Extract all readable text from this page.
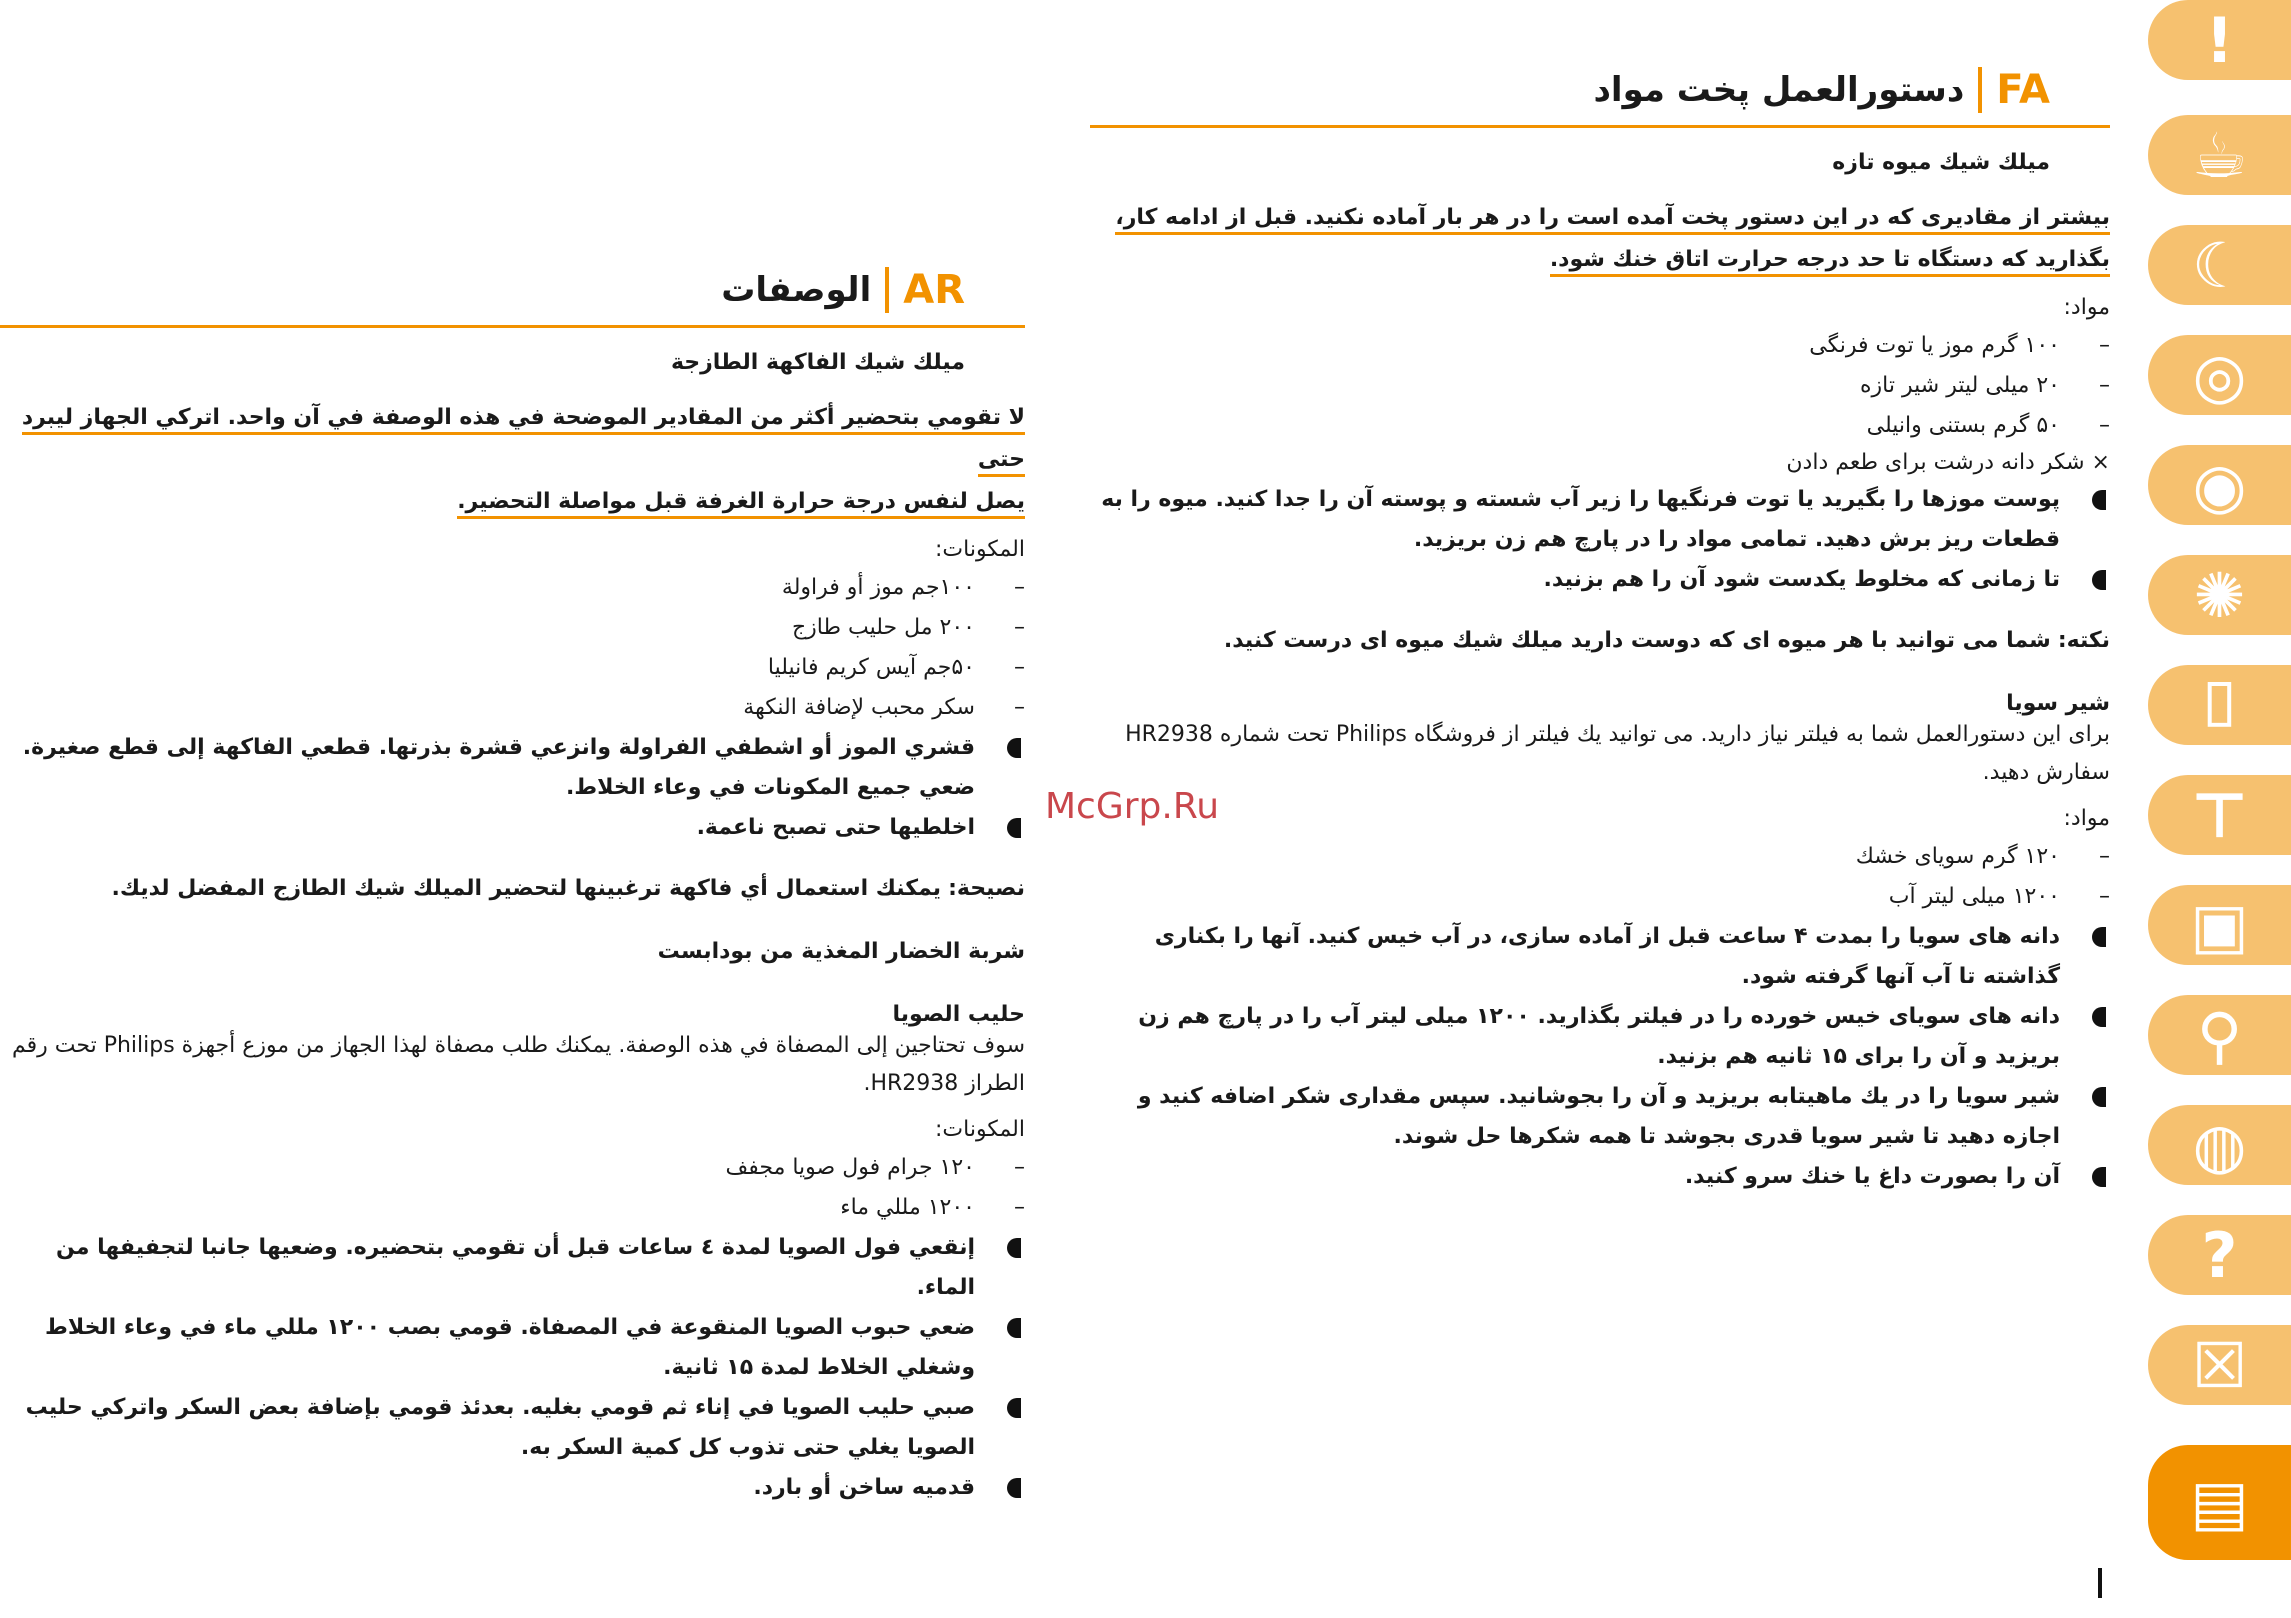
!
☕
☾
◎
◉
✺
⌷
⊤
▣
⚲
◍
?
☒
▤
FA
دستورالعمل پخت مواد
ميلك شيك ميوه تازه
بيشتر از مقاديری كه در اين دستور پخت آمده است را در هر بار آماده نكنيد. قبل از ادامه كار،
بگذاريد كه دستگاه تا حد درجه حرارت اتاق خنك شود.
مواد:
– ۱۰۰ گرم موز يا توت فرنگی
– ۲۰ ميلی ليتر شير تازه
– ۵۰ گرم بستنی وانيلی
× شكر دانه درشت برای طعم دادن
پوست موزها را بگيريد يا توت فرنگيها را زير آب شسته و پوسته آن را جدا كنيد. ميوه را به قطعات ريز برش دهيد. تمامی مواد را در پارچ هم زن بريزيد.
تا زمانی كه مخلوط يكدست شود آن را هم بزنيد.
نكته: شما می توانيد با هر ميوه ای كه دوست داريد ميلك شيك ميوه ای درست كنيد.
شير سويا
برای اين دستورالعمل شما به فيلتر نياز داريد. می توانيد يك فيلتر از فروشگاه Philips تحت شماره HR2938 سفارش دهيد.
مواد:
– ۱۲۰ گرم سويای خشك
– ۱۲۰۰ ميلی ليتر آب
دانه های سويا را بمدت ۴ ساعت قبل از آماده سازی، در آب خيس كنيد. آنها را بكناری گذاشته تا آب آنها گرفته شود.
دانه های سويای خيس خورده را در فيلتر بگذاريد. ۱۲۰۰ ميلی ليتر آب را در پارچ هم زن بريزيد و آن را برای ۱۵ ثانيه هم بزنيد.
شير سويا را در يك ماهيتابه بريزيد و آن را بجوشانيد. سپس مقداری شكر اضافه كنيد و اجازه دهيد تا شير سويا قدری بجوشد تا همه شكرها حل شوند.
آن را بصورت داغ يا خنك سرو كنيد.
AR
الوصفات
ميلك شيك الفاكهة الطازجة
لا تقومي بتحضير أكثر من المقادير الموضحة في هذه الوصفة في آن واحد. اتركي الجهاز ليبرد حتى
يصل لنفس درجة حرارة الغرفة قبل مواصلة التحضير.
المكونات:
– ۱۰۰جم موز أو فراولة
– ۲۰۰ مل حليب طازج
– ۵۰جم آيس كريم فانيليا
– سكر محبب لإضافة النكهة
قشري الموز أو اشطفي الفراولة وانزعي قشرة بذرتها. قطعي الفاكهة إلى قطع صغيرة. ضعي جميع المكونات في وعاء الخلاط.
اخلطيها حتى تصبح ناعمة.
نصيحة: يمكنك استعمال أي فاكهة ترغبينها لتحضير الميلك شيك الطازج المفضل لديك.
شربة الخضار المغذية من بودابست
حليب الصويا
سوف تحتاجين إلى المصفاة في هذه الوصفة. يمكنك طلب مصفاة لهذا الجهاز من موزع أجهزة Philips تحت رقم الطراز HR2938.
المكونات:
– ۱۲۰ جرام فول صويا مجفف
– ۱۲۰۰ مللي ماء
إنقعي فول الصويا لمدة ٤ ساعات قبل أن تقومي بتحضيره. وضعيها جانبا لتجفيفها من الماء.
ضعي حبوب الصويا المنقوعة في المصفاة. قومي بصب ۱۲۰۰ مللي ماء في وعاء الخلاط وشغلي الخلاط لمدة ۱۵ ثانية.
صبي حليب الصويا في إناء ثم قومي بغليه. بعدئذ قومي بإضافة بعض السكر واتركي حليب الصويا يغلي حتى تذوب كل كمية السكر به.
قدميه ساخن أو بارد.
McGrp.Ru
